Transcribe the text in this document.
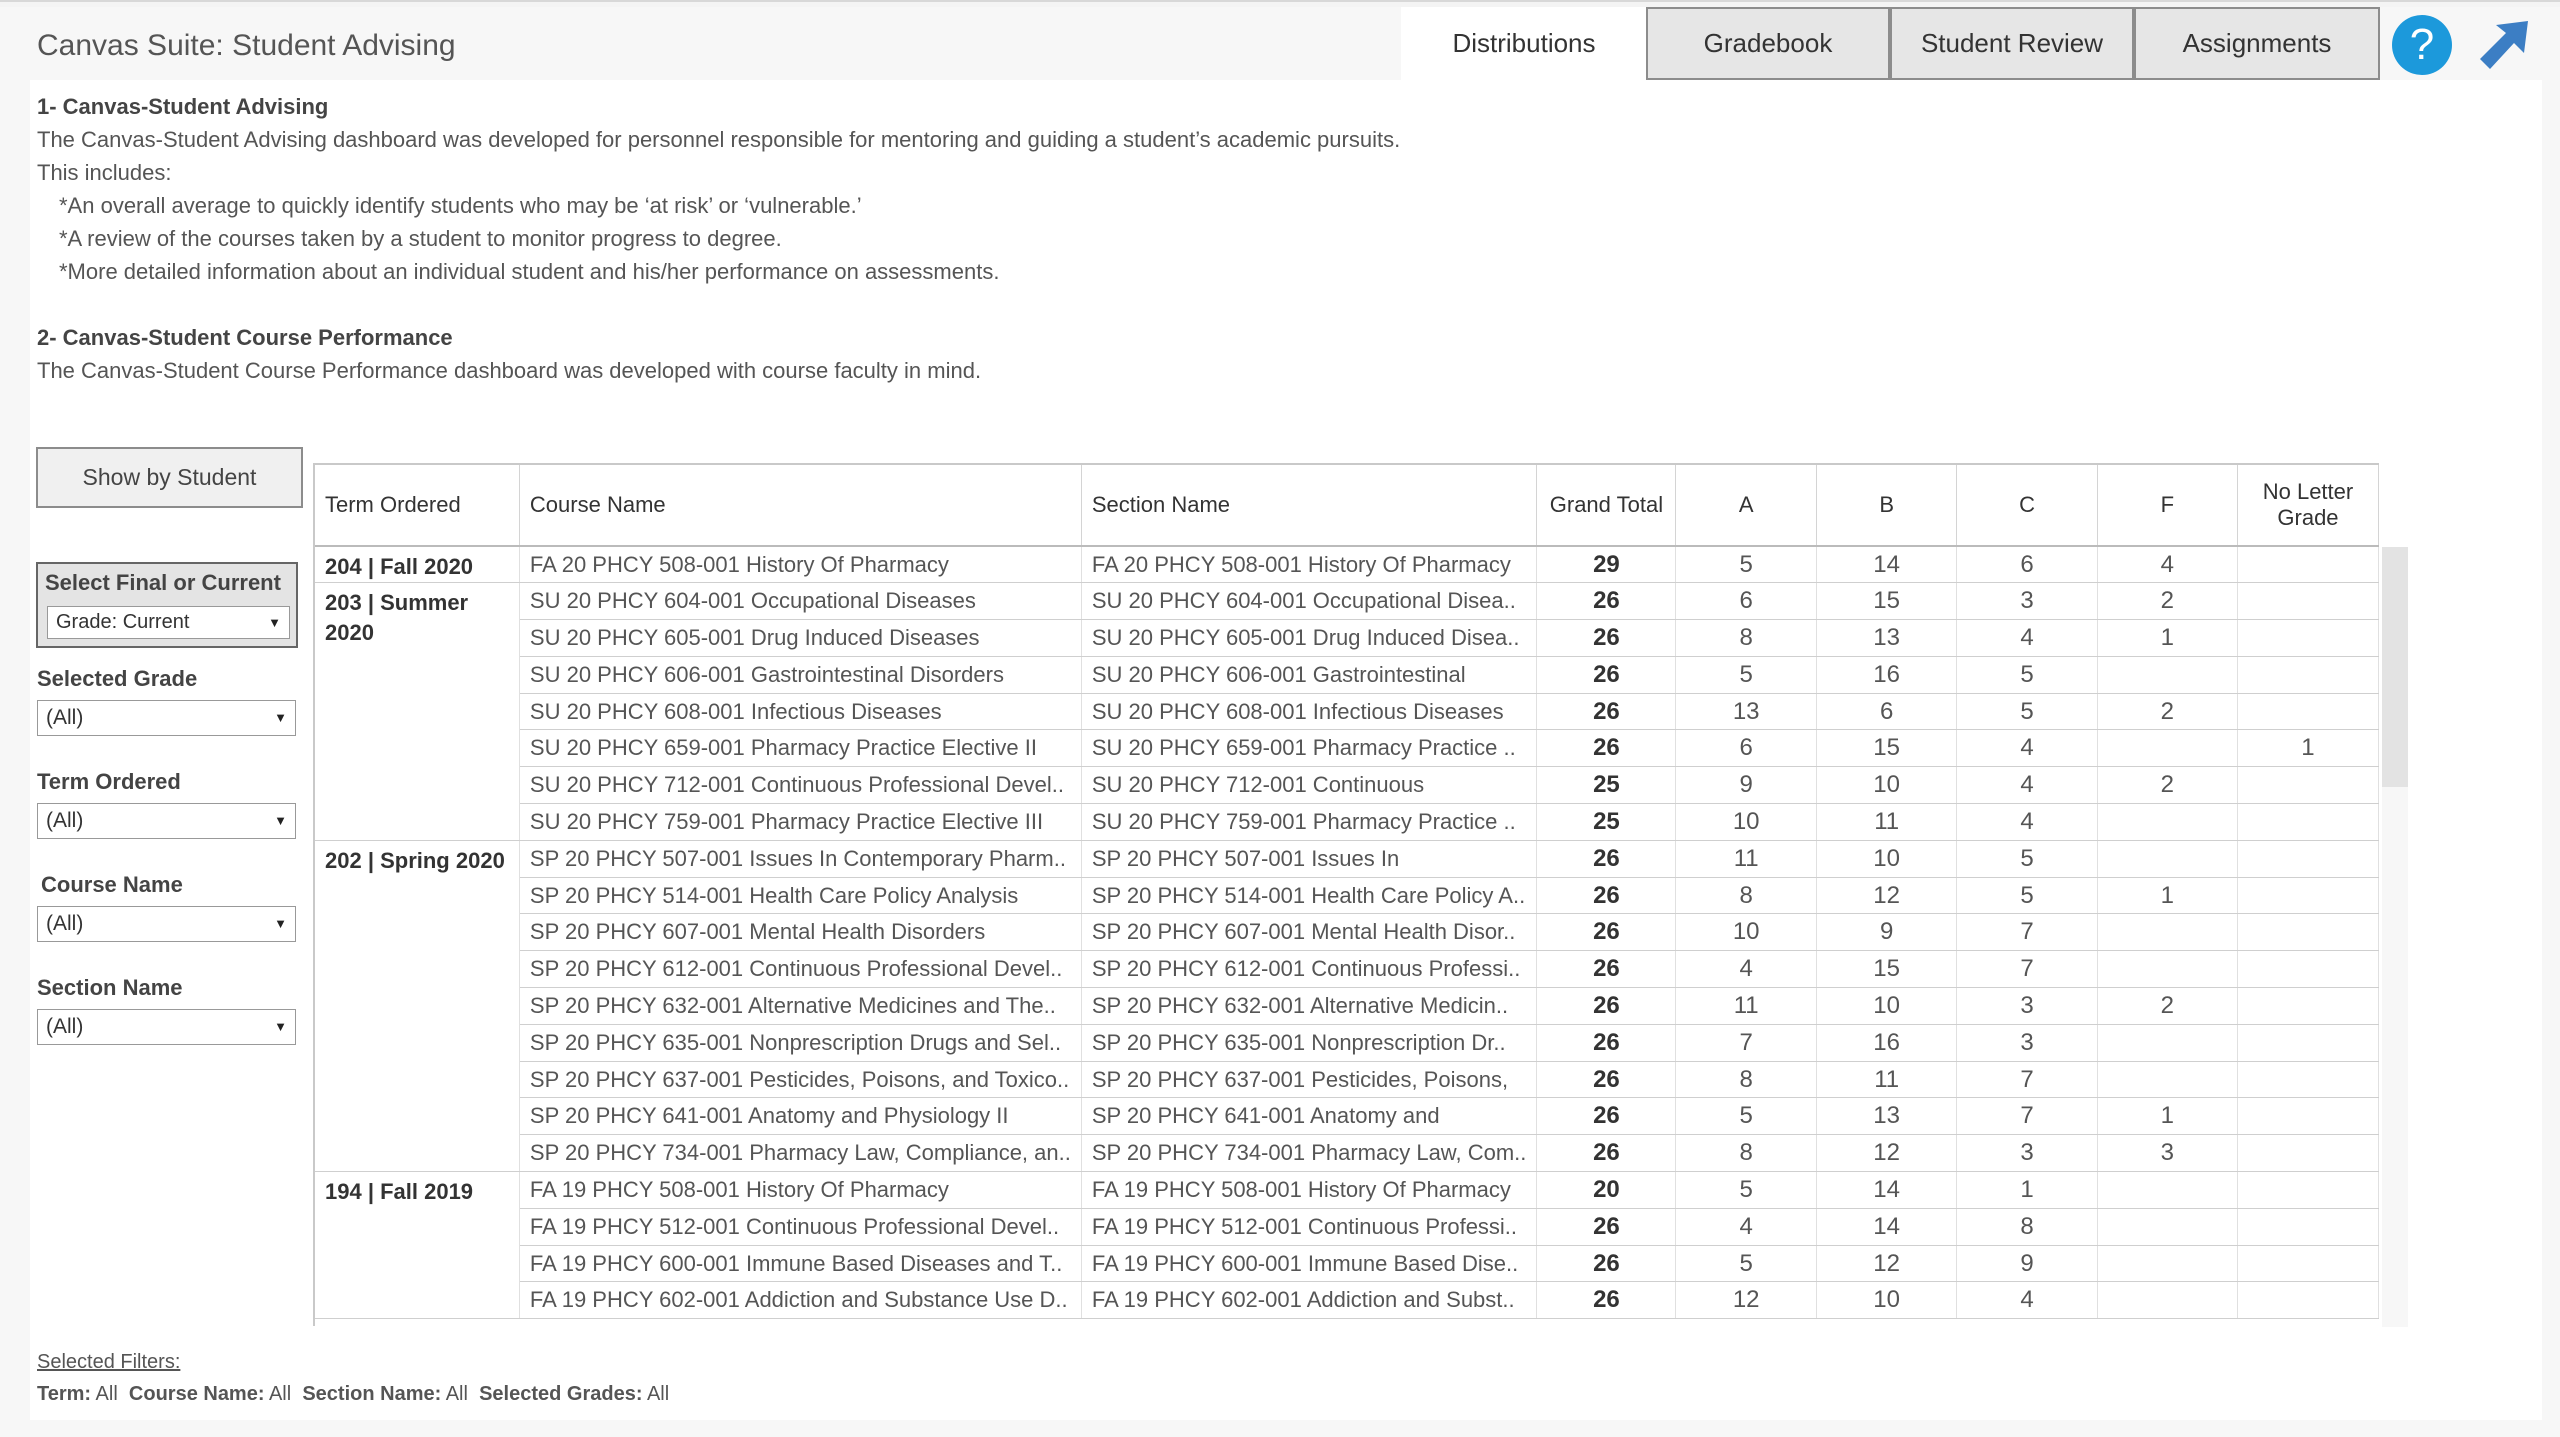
Canvas Suite: Student Advising	Distributions	Gradebook	Student Review	Assignments	?
1- Canvas-Student Advising
The Canvas-Student Advising dashboard was developed for personnel responsible for mentoring and guiding a student’s academic pursuits.
This includes:
*An overall average to quickly identify students who may be ‘at risk’ or ‘vulnerable.’
*A review of the courses taken by a student to monitor progress to degree.
*More detailed information about an individual student and his/her performance on assessments.
2- Canvas-Student Course Performance
The Canvas-Student Course Performance dashboard was developed with course faculty in mind.
Show by Student
Select Final or Current
Grade: Current	▼
Selected Grade
(All)	▼
Term Ordered
(All)	▼
Course Name
(All)	▼
Section Name
(All)	▼
Term Ordered	Course Name	Section Name	Grand Total	A	B	C	F	No Letter Grade
204 | Fall 2020	FA 20 PHCY 508-001 History Of Pharmacy	FA 20 PHCY 508-001 History Of Pharmacy	29	5	14	6	4	
203 | Summer 2020	SU 20 PHCY 604-001 Occupational Diseases	SU 20 PHCY 604-001 Occupational Disea..	26	6	15	3	2	
	SU 20 PHCY 605-001 Drug Induced Diseases	SU 20 PHCY 605-001 Drug Induced Disea..	26	8	13	4	1	
	SU 20 PHCY 606-001 Gastrointestinal Disorders	SU 20 PHCY 606-001 Gastrointestinal	26	5	16	5		
	SU 20 PHCY 608-001 Infectious Diseases	SU 20 PHCY 608-001 Infectious Diseases	26	13	6	5	2	
	SU 20 PHCY 659-001 Pharmacy Practice Elective II	SU 20 PHCY 659-001 Pharmacy Practice ..	26	6	15	4		1
	SU 20 PHCY 712-001 Continuous Professional Devel..	SU 20 PHCY 712-001 Continuous	25	9	10	4	2	
	SU 20 PHCY 759-001 Pharmacy Practice Elective III	SU 20 PHCY 759-001 Pharmacy Practice ..	25	10	11	4		
202 | Spring 2020	SP 20 PHCY 507-001 Issues In Contemporary Pharm..	SP 20 PHCY 507-001 Issues In	26	11	10	5		
	SP 20 PHCY 514-001 Health Care Policy Analysis	SP 20 PHCY 514-001 Health Care Policy A..	26	8	12	5	1	
	SP 20 PHCY 607-001 Mental Health Disorders	SP 20 PHCY 607-001 Mental Health Disor..	26	10	9	7		
	SP 20 PHCY 612-001 Continuous Professional Devel..	SP 20 PHCY 612-001 Continuous Professi..	26	4	15	7		
	SP 20 PHCY 632-001 Alternative Medicines and The..	SP 20 PHCY 632-001 Alternative Medicin..	26	11	10	3	2	
	SP 20 PHCY 635-001 Nonprescription Drugs and Sel..	SP 20 PHCY 635-001 Nonprescription Dr..	26	7	16	3		
	SP 20 PHCY 637-001 Pesticides, Poisons, and Toxico..	SP 20 PHCY 637-001 Pesticides, Poisons,	26	8	11	7		
	SP 20 PHCY 641-001 Anatomy and Physiology II	SP 20 PHCY 641-001 Anatomy and	26	5	13	7	1	
	SP 20 PHCY 734-001 Pharmacy Law, Compliance, an..	SP 20 PHCY 734-001 Pharmacy Law, Com..	26	8	12	3	3	
194 | Fall 2019	FA 19 PHCY 508-001 History Of Pharmacy	FA 19 PHCY 508-001 History Of Pharmacy	20	5	14	1		
	FA 19 PHCY 512-001 Continuous Professional Devel..	FA 19 PHCY 512-001 Continuous Professi..	26	4	14	8		
	FA 19 PHCY 600-001 Immune Based Diseases and T..	FA 19 PHCY 600-001 Immune Based Dise..	26	5	12	9		
	FA 19 PHCY 602-001 Addiction and Substance Use D..	FA 19 PHCY 602-001 Addiction and Subst..	26	12	10	4		
Selected Filters:
Term: All Course Name: All Section Name: All Selected Grades: All
